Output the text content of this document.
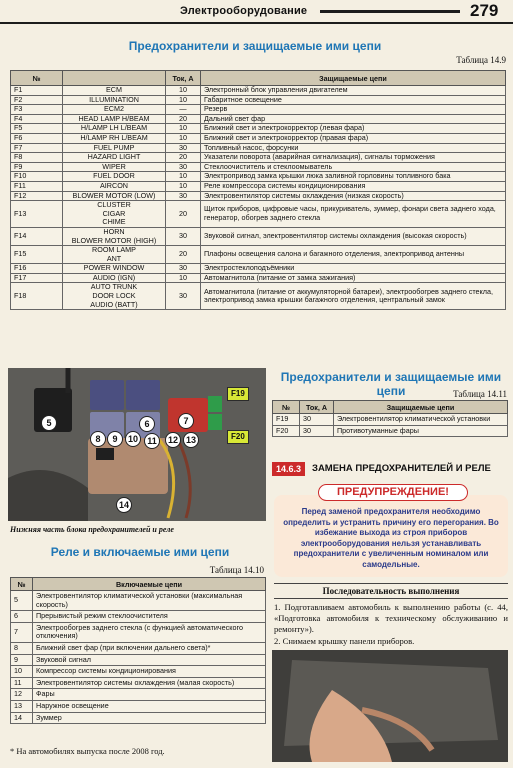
Электрооборудование	279
Предохранители и защищаемые ими цепи
Таблица 14.9
№		Ток, А	Защищаемые цепи
F1	ECM	10	Электронный блок управления двигателем
F2	ILLUMINATION	10	Габаритное освещение
F3	ECM2	—	Резерв
F4	HEAD LAMP H/BEAM	20	Дальний свет фар
F5	H/LAMP LH L/BEAM	10	Ближний свет и электрокорректор (левая фара)
F6	H/LAMP RH L/BEAM	10	Ближний свет и электрокорректор (правая фара)
F7	FUEL PUMP	30	Топливный насос, форсунки
F8	HAZARD LIGHT	20	Указатели поворота (аварийная сигнализация), сигналы торможения
F9	WIPER	30	Стеклоочиститель и стеклоомыватель
F10	FUEL DOOR	10	Электропривод замка крышки люка заливной горловины топливного бака
F11	AIRCON	10	Реле компрессора системы кондиционирования
F12	BLOWER MOTOR (LOW)	30	Электровентилятор системы охлаждения (низкая скорость)
F13	CLUSTER
CIGAR
CHIME	20	Щиток приборов, цифровые часы, прикуриватель, зуммер, фонари света заднего хода, генератор, обогрев заднего стекла
F14	HORN
BLOWER MOTOR (HIGH)	30	Звуковой сигнал, электровентилятор системы охлаждения (высокая скорость)
F15	ROOM LAMP
ANT	20	Плафоны освещения салона и багажного отделения, электропривод антенны
F16	POWER WINDOW	30	Электростеклоподъёмники
F17	AUDIO (IGN)	10	Автомагнитола (питание от замка зажигания)
F18	AUTO TRUNK
DOOR LOCK
AUDIO (BATT)	30	Автомагнитола (питание от аккумуляторной батареи), электрообогрев заднего стекла, электропривод замка крышки багажного отделения, центральный замок
5	6	7
8	9	10	11	12 13
14
F19
F20
Нижняя часть блока предохранителей и реле
Реле и включаемые ими цепи
Таблица 14.10
№	Включаемые цепи
5	Электровентилятор климатической установки (максимальная скорость)
6	Прерывистый режим стеклоочистителя
7	Электрообогрев заднего стекла (с функцией автоматического отключения)
8	Ближний свет фар (при включении дальнего света)*
9	Звуковой сигнал
10	Компрессор системы кондиционирования
11	Электровентилятор системы охлаждения (малая скорость)
12	Фары
13	Наружное освещение
14	Зуммер
* На автомобилях выпуска после 2008 год.
Предохранители и защищаемые ими цепи	Таблица 14.11
№	Ток, А	Защищаемые цепи
F19	30	Электровентилятор климатической установки
F20	30	Противотуманные фары
14.6.3	ЗАМЕНА ПРЕДОХРАНИТЕЛЕЙ И РЕЛЕ
Перед заменой предохранителя необходимо определить и устранить причину его перегорания. Во избежание выхода из строя приборов электрооборудования нельзя устанавливать предохранители с увеличенным номиналом или самодельные.
ПРЕДУПРЕЖДЕНИЕ!
Последовательность выполнения
1. Подготавливаем автомобиль к выполнению работы (с. 44, «Подготовка автомобиля к техническому обслуживанию и ремонту»).
2. Снимаем крышку панели приборов.
